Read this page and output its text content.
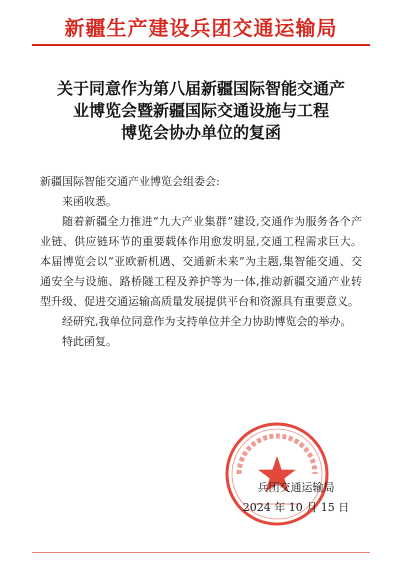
新疆生产建设兵团交通运输局
关于同意作为第八届新疆国际智能交通产
业博览会暨新疆国际交通设施与工程
博览会协办单位的复函
新疆国际智能交通产业博览会组委会:

来函收悉。

随着新疆全力推进“九大产业集群”建设,交通作为服务各个产业链、供应链环节的重要载体作用愈发明显,交通工程需求巨大。本届博览会以“亚欧新机遇、交通新未来”为主题,集智能交通、交通安全与设施、路桥隧工程及养护等为一体,推动新疆交通产业转型升级、促进交通运输高质量发展提供平台和资源具有重要意义。

经研究,我单位同意作为支持单位并全力协助博览会的举办。

特此函复。

兵团交通运输局
2024 年 10 月 15 日
